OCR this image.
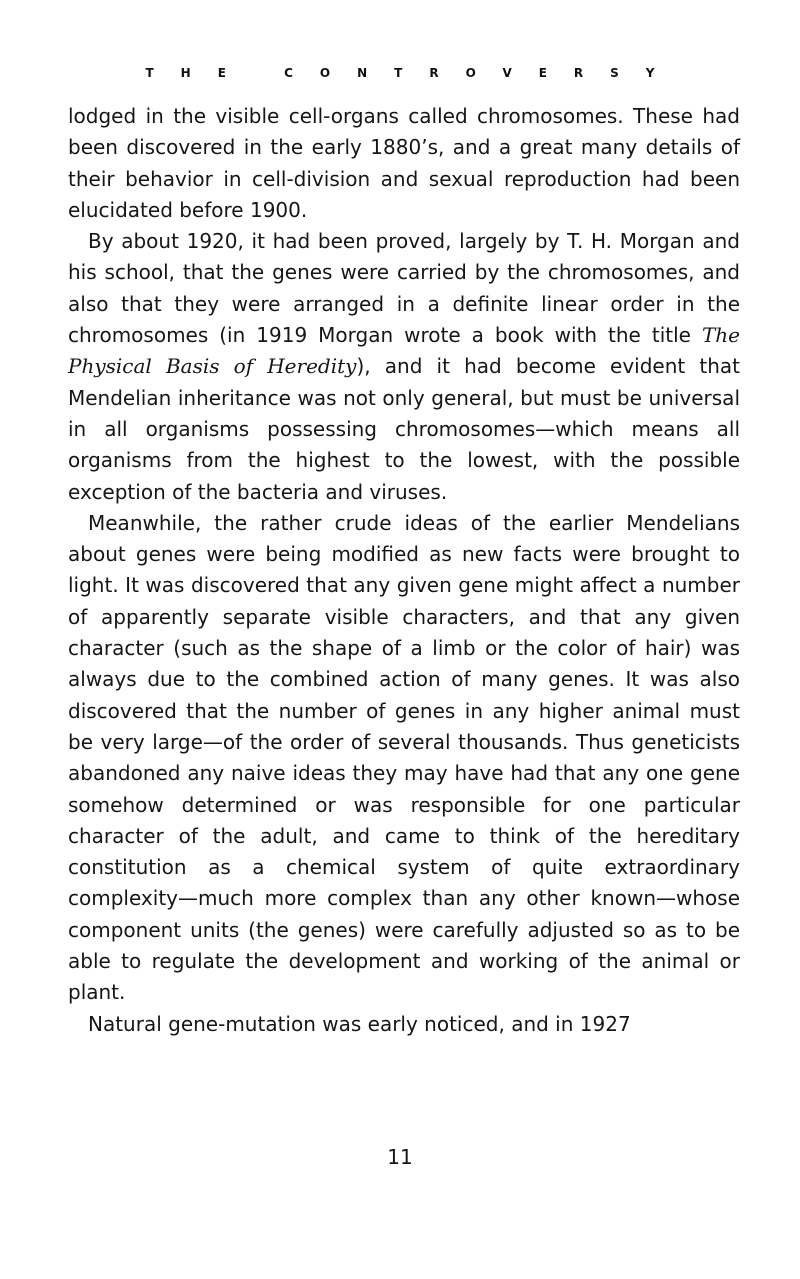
THE CONTROVERSY

lodged in the visible cell-organs called chromosomes. These had been discovered in the early 1880’s, and a great many details of their behavior in cell-division and sexual reproduction had been elucidated before 1900.

By about 1920, it had been proved, largely by T. H. Morgan and his school, that the genes were carried by the chromosomes, and also that they were arranged in a definite linear order in the chromosomes (in 1919 Morgan wrote a book with the title The Physical Basis of Heredity), and it had become evident that Mendelian inheritance was not only general, but must be universal in all organisms possessing chromosomes—which means all organisms from the highest to the lowest, with the possible exception of the bacteria and viruses.

Meanwhile, the rather crude ideas of the earlier Mendelians about genes were being modified as new facts were brought to light. It was discovered that any given gene might affect a number of apparently separate visible characters, and that any given character (such as the shape of a limb or the color of hair) was always due to the combined action of many genes. It was also discovered that the number of genes in any higher animal must be very large—of the order of several thousands. Thus geneticists abandoned any naive ideas they may have had that any one gene somehow determined or was responsible for one particular character of the adult, and came to think of the hereditary constitution as a chemical system of quite extraordinary complexity—much more complex than any other known—whose component units (the genes) were carefully adjusted so as to be able to regulate the development and working of the animal or plant.

Natural gene-mutation was early noticed, and in 1927

11
